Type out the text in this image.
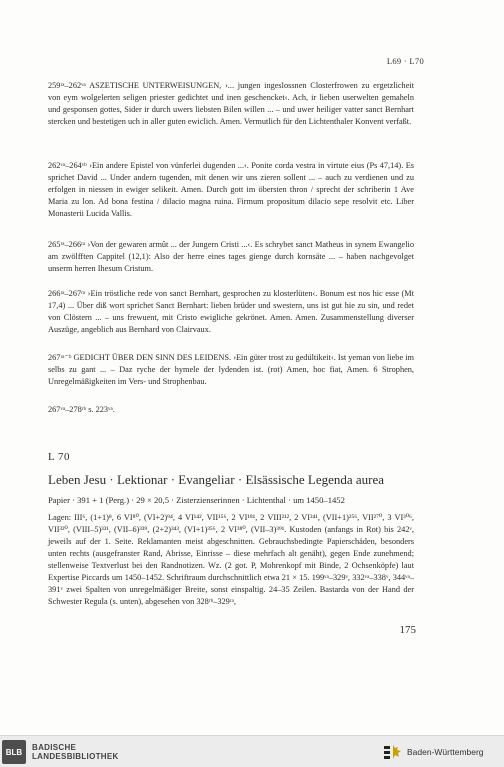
L69 · L70

259ʳᵃ–262ᵛᵃ ASZETISCHE UNTERWEISUNGEN, ›... jungen ingeslossnen Closterfrowen zu ergetzlicheit von eym wolgelerten seligen priester gedichtet und inen geschencket‹. Ach, ir lieben userwelten gemaheln und gesponsen gottes, Sider ir durch uwers liebsten Bilen willen ... – und uwer heiliger vatter sanct Bernhart stercken und bestetigen uch in aller guten ewiclich. Amen. Vermutlich für den Lichtenthaler Konvent verfaßt.

262ᵛᵃ–264ᵛᵇ ›Ein andere Epistel von vünferlei dugenden ...‹. Ponite corda vestra in virtute eius (Ps 47,14). Es sprichet David ... Under andern tugenden, mit denen wir uns zieren sollent ... – auch zu verdienen und zu erfolgen in niessen in ewiger selikeit. Amen. Durch gott im öbersten thron / sprecht der schriberin 1 Ave Maria zu lon. Ad bona festina / dilacio magna ruina. Firmum propositum dilacio sepe resolvit etc. Liber Monasterii Lucida Vallis.

265ʳᵃ–266ʳᵃ ›Von der gewaren armût ... der Jungern Cristi ...‹. Es schrybet sanct Matheus in synem Ewangelio am zwölfften Cappitel (12,1): Also der herre eines tages gienge durch kornsäte ... – haben nachgevolget unserm herren Ihesum Cristum.

266ʳᵃ–267ʳᵃ ›Ein tröstliche rede von sanct Bernhart, gesprochen zu klosterlüten‹. Bonum est nos hic esse (Mt 17,4) ... Über diß wort sprichet Sanct Bernhart: lieben brüder und swestern, uns ist gut hie zu sin, und redet von Clöstern ... – uns frewuent, mit Cristo ewigliche gekrönet. Amen. Amen. Zusammenstellung diverser Auszüge, angeblich aus Bernhard von Clairvaux.

267ʳᵃ⁻ᵇ GEDICHT ÜBER DEN SINN DES LEIDENS. ›Ein güter trost zu gedültikeit‹. Ist yeman von liebe im selbs zu gant ... – Daz ryche der hymele der lydenden ist. (rot) Amen, hoc fiat, Amen. 6 Strophen, Unregelmäßigkeiten im Vers- und Strophenbau.

267ᵛᵃ–278ʳᵇ s. 223ᵛᵃ.

L 70
Leben Jesu · Lektionar · Evangeliar · Elsässische Legenda aurea
Papier · 391 + 1 (Perg.) · 29 × 20,5 · Zisterzienserinnen · Lichtenthal · um 1450–1452

Lagen: III⁶, (1+1)⁸, 6 VI⁸⁰, (VI+2)⁹⁴, 4 VI¹⁴², VII¹⁵⁶, 2 VI¹⁸¹, 2 VIII²¹², 2 VI²⁴¹, (VII+1)²⁵⁶, VII²⁷⁰, 3 VI³⁰⁶, VII³²⁰, (VIII–5)³³¹, (VII–6)³³⁹, (2+2)³⁴³, (VI+1)³⁵⁶, 2 VI³⁸⁰, (VII–3)³⁹¹. Kustoden (anfangs in Rot) bis 242ᵛ, jeweils auf der 1. Seite. Reklamanten meist abgeschnitten. Gebrauchsbedingte Papierschäden, besonders unten rechts (ausgefranster Rand, Abrisse, Einrisse – diese mehrfach alt genäht), gegen Ende zunehmend; stellenweise Textverlust bei den Randnotizen. Wz. (2 got. P, Mohrenkopf mit Binde, 2 Ochsenköpfe) laut Expertise Piccards um 1450–1452. Schriftraum durchschnittlich etwa 21 × 15. 199ᵛᵃ–329ᵛ, 332ᵛᵃ–338ᵛ, 344ᵛᵃ–391ᵛ zwei Spalten von unregelmäßiger Breite, sonst einspaltig. 24–35 Zeilen. Bastarda von der Hand der Schwester Regula (s. unten), abgesehen von 328ʳᵇ–329ʳᵃ,

175
BLB	BADISCHE
LANDESBIBLIOTHEK	Baden-Württemberg
